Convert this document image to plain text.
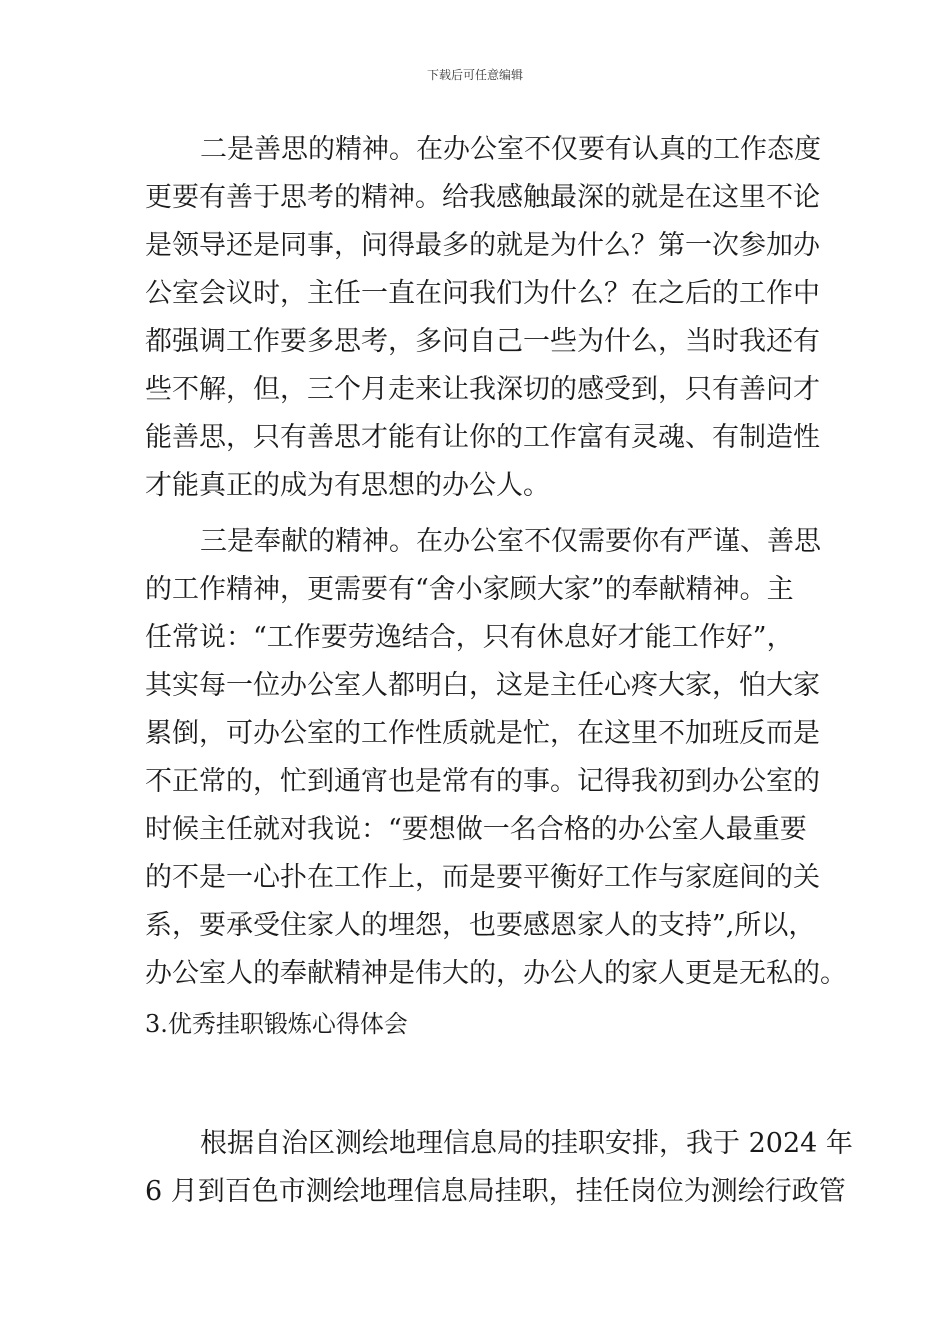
下载后可任意编辑
二是善思的精神。在办公室不仅要有认真的工作态度
更要有善于思考的精神。给我感触最深的就是在这里不论
是领导还是同事，问得最多的就是为什么？第一次参加办
公室会议时，主任一直在问我们为什么？在之后的工作中
都强调工作要多思考，多问自己一些为什么，当时我还有
些不解，但，三个月走来让我深切的感受到，只有善问才
能善思，只有善思才能有让你的工作富有灵魂、有制造性
才能真正的成为有思想的办公人。
三是奉献的精神。在办公室不仅需要你有严谨、善思
的工作精神，更需要有“舍小家顾大家”的奉献精神。主
任常说：“工作要劳逸结合，只有休息好才能工作好”，
其实每一位办公室人都明白，这是主任心疼大家，怕大家
累倒，可办公室的工作性质就是忙，在这里不加班反而是
不正常的，忙到通宵也是常有的事。记得我初到办公室的
时候主任就对我说：“要想做一名合格的办公室人最重要
的不是一心扑在工作上，而是要平衡好工作与家庭间的关
系，要承受住家人的埋怨，也要感恩家人的支持”,所以，
办公室人的奉献精神是伟大的，办公人的家人更是无私的。
3.优秀挂职锻炼心得体会
根据自治区测绘地理信息局的挂职安排，我于 2024 年
6 月到百色市测绘地理信息局挂职，挂任岗位为测绘行政管
